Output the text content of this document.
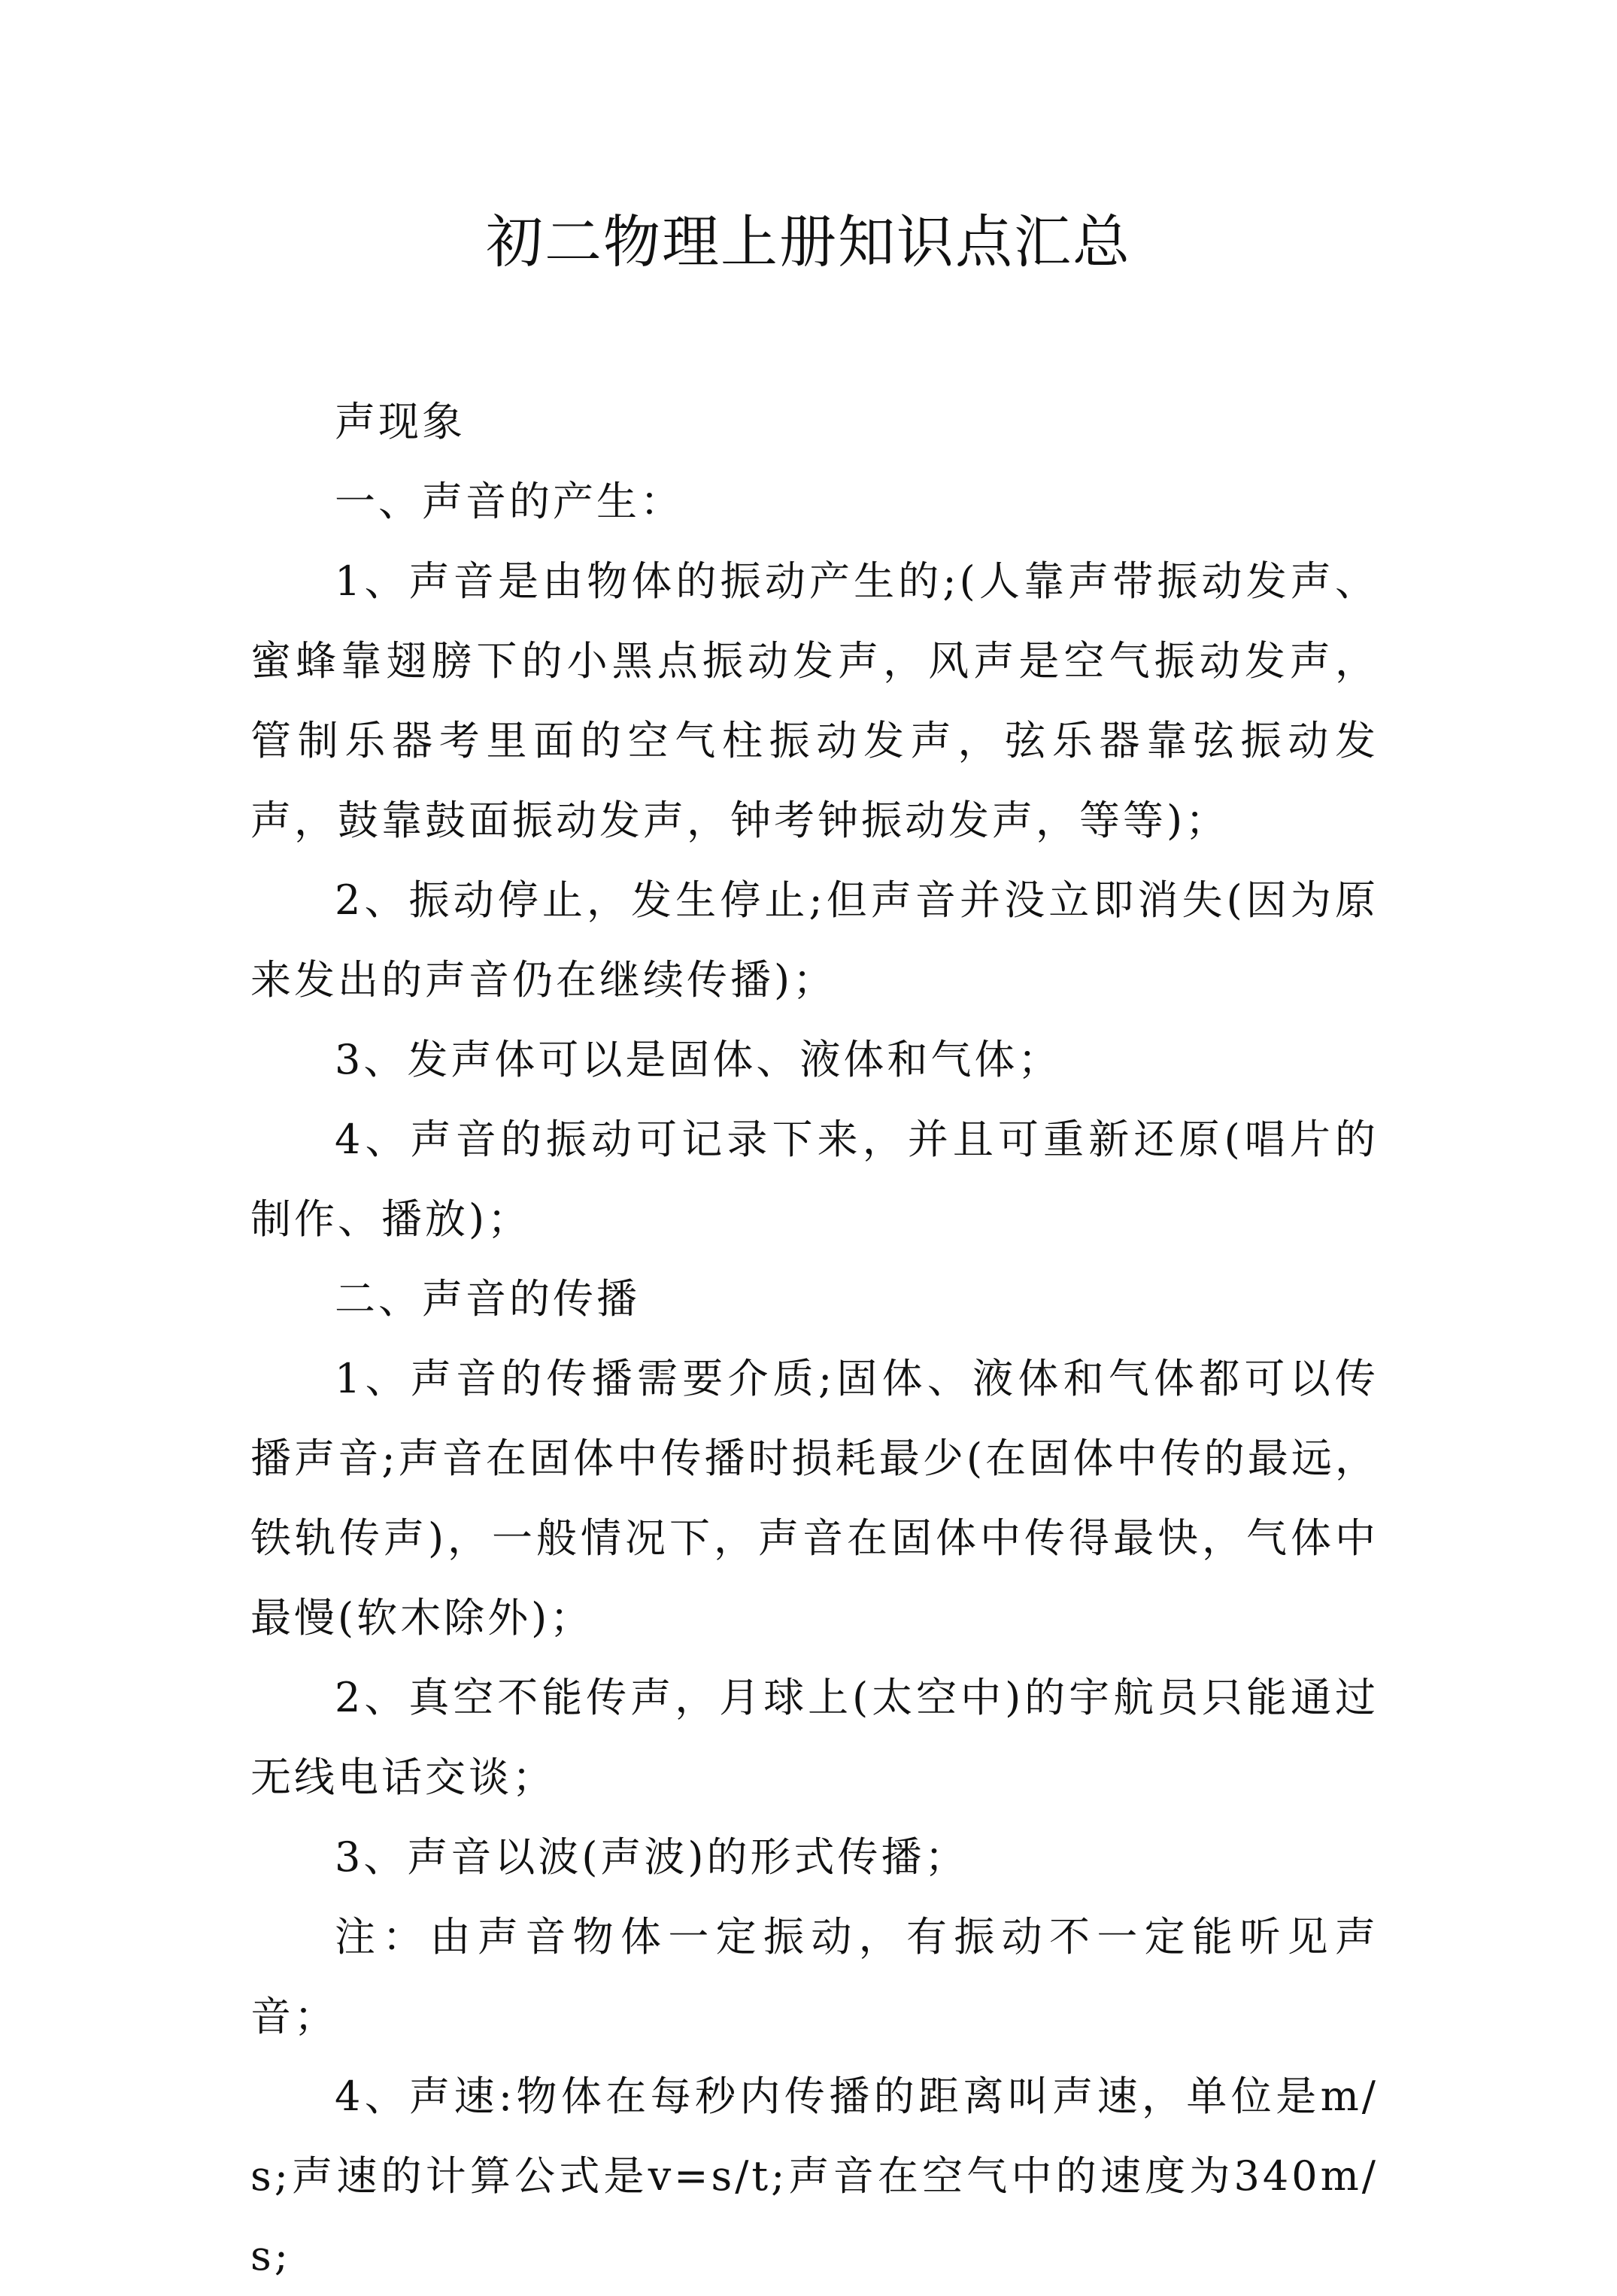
初二物理上册知识点汇总

声现象

一、声音的产生：

1、声音是由物体的振动产生的;(人靠声带振动发声、蜜蜂靠翅膀下的小黑点振动发声，风声是空气振动发声，管制乐器考里面的空气柱振动发声，弦乐器靠弦振动发声，鼓靠鼓面振动发声，钟考钟振动发声，等等)；

2、振动停止，发生停止;但声音并没立即消失(因为原来发出的声音仍在继续传播)；

3、发声体可以是固体、液体和气体；

4、声音的振动可记录下来，并且可重新还原(唱片的制作、播放)；

二、声音的传播

1、声音的传播需要介质;固体、液体和气体都可以传播声音;声音在固体中传播时损耗最少(在固体中传的最远，铁轨传声)，一般情况下，声音在固体中传得最快，气体中最慢(软木除外)；

2、真空不能传声，月球上(太空中)的宇航员只能通过无线电话交谈；

3、声音以波(声波)的形式传播；

注：由声音物体一定振动，有振动不一定能听见声音；

4、声速:物体在每秒内传播的距离叫声速，单位是m/s;声速的计算公式是v=s/t;声音在空气中的速度为340m/s;
